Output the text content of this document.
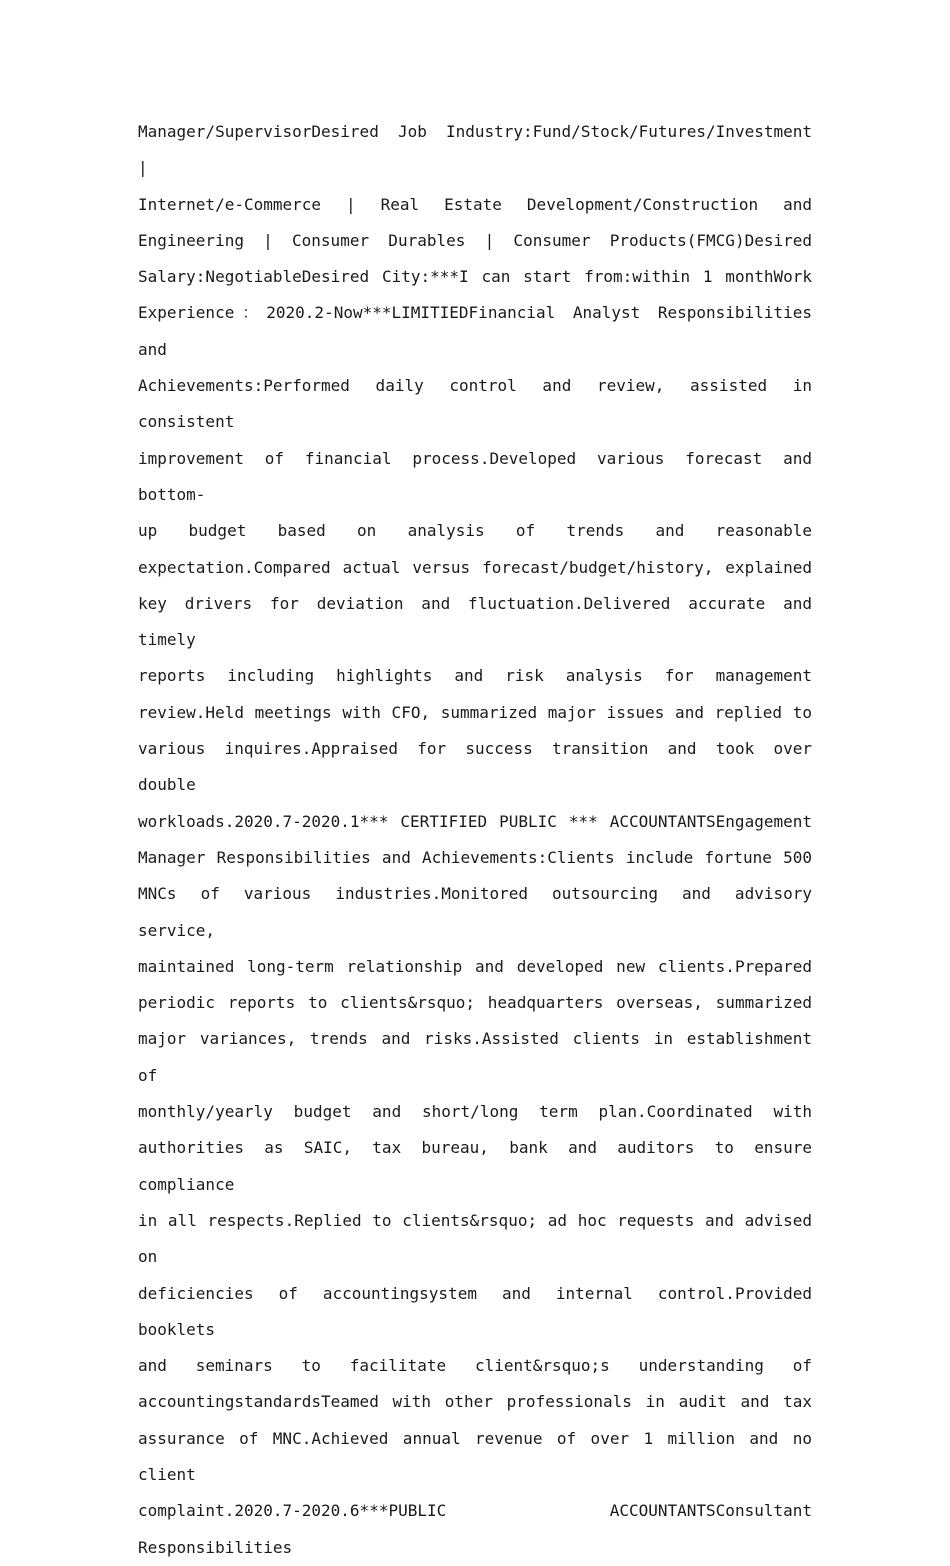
Manager/SupervisorDesired Job Industry:Fund/Stock/Futures/Investment |
Internet/e-Commerce | Real Estate Development/Construction and
Engineering | Consumer Durables | Consumer Products(FMCG)Desired
Salary:NegotiableDesired City:***I can start from:within 1 monthWork
Experience：2020.2-Now***LIMITIEDFinancial Analyst Responsibilities and
Achievements:Performed daily control and review, assisted in consistent
improvement of financial process.Developed various forecast and bottom-
up budget based on analysis of trends and reasonable
expectation.Compared actual versus forecast/budget/history, explained
key drivers for deviation and fluctuation.Delivered accurate and timely
reports including highlights and risk analysis for management
review.Held meetings with CFO, summarized major issues and replied to
various inquires.Appraised for success transition and took over double
workloads.2020.7-2020.1*** CERTIFIED PUBLIC *** ACCOUNTANTSEngagement
Manager Responsibilities and Achievements:Clients include fortune 500
MNCs of various industries.Monitored outsourcing and advisory service,
maintained long-term relationship and developed new clients.Prepared
periodic reports to clients&rsquo; headquarters overseas, summarized
major variances, trends and risks.Assisted clients in establishment of
monthly/yearly budget and short/long term plan.Coordinated with
authorities as SAIC, tax bureau, bank and auditors to ensure compliance
in all respects.Replied to clients&rsquo; ad hoc requests and advised on
deficiencies of accountingsystem and internal control.Provided booklets
and seminars to facilitate client&rsquo;s understanding of
accountingstandardsTeamed with other professionals in audit and tax
assurance of MNC.Achieved annual revenue of over 1 million and no client
complaint.2020.7-2020.6***PUBLIC ACCOUNTANTSConsultant Responsibilities
